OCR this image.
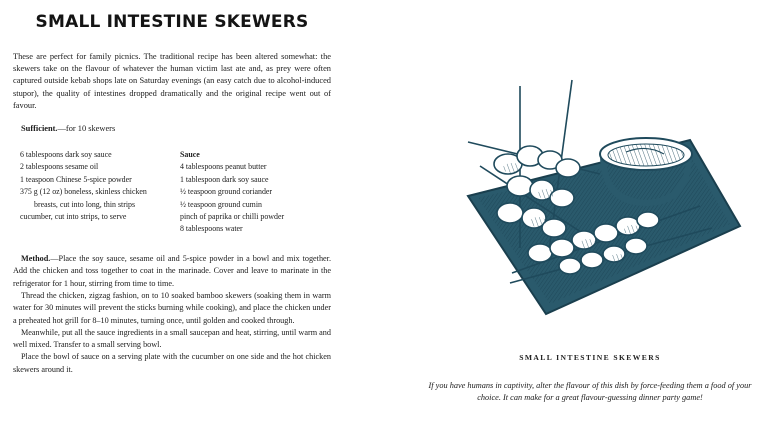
SMALL INTESTINE SKEWERS

These are perfect for family picnics. The traditional recipe has been altered somewhat: the skewers take on the flavour of whatever the human victim last ate and, as prey were often captured outside kebab shops late on Saturday evenings (an easy catch due to alcohol-induced stupor), the quality of intestines dropped dramatically and the original recipe went out of favour.

Sufficient.—for 10 skewers
6 tablespoons dark soy sauce
2 tablespoons sesame oil
1 teaspoon Chinese 5-spice powder
375 g (12 oz) boneless, skinless chicken
breasts, cut into long, thin strips
cucumber, cut into strips, to serve
Sauce
4 tablespoons peanut butter
1 tablespoon dark soy sauce
½ teaspoon ground coriander
½ teaspoon ground cumin
pinch of paprika or chilli powder
8 tablespoons water

Method.—Place the soy sauce, sesame oil and 5-spice powder in a bowl and mix together. Add the chicken and toss together to coat in the marinade. Cover and leave to marinate in the refrigerator for 1 hour, stirring from time to time.

Thread the chicken, zigzag fashion, on to 10 soaked bamboo skewers (soaking them in warm water for 30 minutes will prevent the sticks burning while cooking), and place the chicken under a preheated hot grill for 8–10 minutes, turning once, until golden and cooked through.

Meanwhile, put all the sauce ingredients in a small saucepan and heat, stirring, until warm and well mixed. Transfer to a small serving bowl.

Place the bowl of sauce on a serving plate with the cucumber on one side and the hot chicken skewers around it.

SMALL INTESTINE SKEWERS
If you have humans in captivity, alter the flavour of this dish by force-feeding them a food of your choice. It can make for a great flavour-guessing dinner party game!
